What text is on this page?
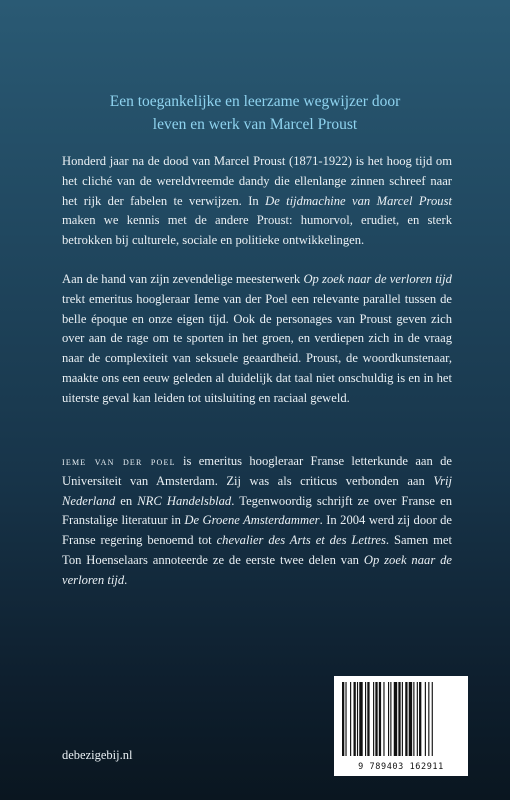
Een toegankelijke en leerzame wegwijzer door
leven en werk van Marcel Proust

Honderd jaar na de dood van Marcel Proust (1871-1922) is het hoog tijd om het cliché van de wereldvreemde dandy die ellenlange zinnen schreef naar het rijk der fabelen te verwijzen. In De tijdmachine van Marcel Proust maken we kennis met de andere Proust: humorvol, erudiet, en sterk betrokken bij culturele, sociale en politieke ontwikkelingen.

Aan de hand van zijn zevendelige meesterwerk Op zoek naar de verloren tijd trekt emeritus hoogleraar Ieme van der Poel een relevante parallel tussen de belle époque en onze eigen tijd. Ook de personages van Proust geven zich over aan de rage om te sporten in het groen, en verdiepen zich in de vraag naar de complexiteit van seksuele geaardheid. Proust, de woordkunstenaar, maakte ons een eeuw geleden al duidelijk dat taal niet onschuldig is en in het uiterste geval kan leiden tot uitsluiting en raciaal geweld.

ieme van der poel is emeritus hoogleraar Franse letterkunde aan de Universiteit van Amsterdam. Zij was als criticus verbonden aan Vrij Nederland en NRC Handelsblad. Tegenwoordig schrijft ze over Franse en Franstalige literatuur in De Groene Amsterdammer. In 2004 werd zij door de Franse regering benoemd tot chevalier des Arts et des Lettres. Samen met Ton Hoenselaars annoteerde ze de eerste twee delen van Op zoek naar de verloren tijd.

debezigebij.nl
9 789403 162911
